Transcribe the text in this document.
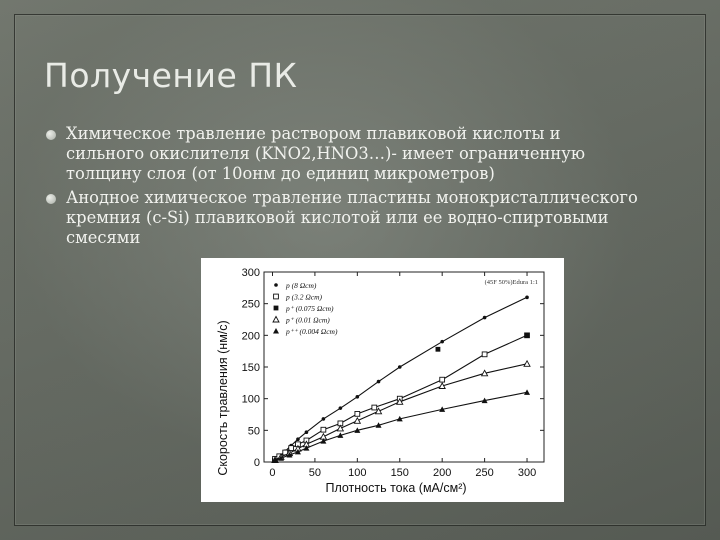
Получение ПК
Химическое травление раствором плавиковой кислоты и
сильного окислителя (KNO2,HNO3…)- имеет ограниченную
толщину слоя (от 10онм до единиц микрометров)
Анодное химическое травление пластины монокристаллического
кремния (c-Si) плавиковой кислотой или ее водно-спиртовыми
смесями
0	50 100 150 200 250 300
0
50
100
150
200
250
300
p (8 Ωcm)
p (3.2 Ωcm)
p⁺ (0.075 Ωcm)
p⁺ (0.01 Ωcm)
p⁺⁺ (0.004 Ωcm)
(45F 50%)Edura 1:1
Скорость травления (нм/с)
Плотность тока (мА/см²)
